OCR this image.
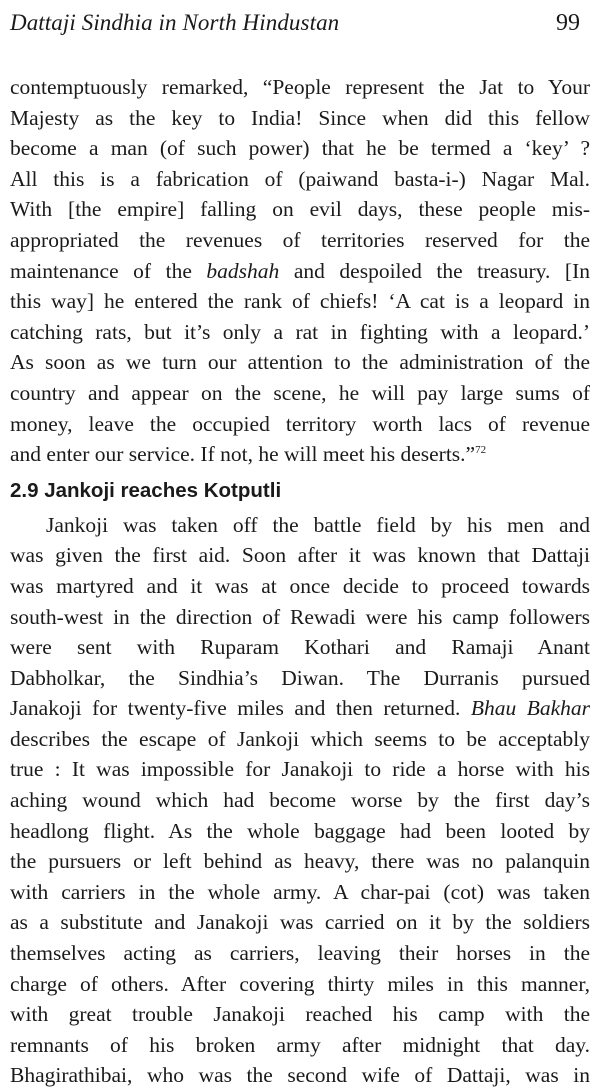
Dattaji Sindhia in North Hindustan	99

contemptuously remarked, “People represent the Jat to Your
Majesty as the key to India! Since when did this fellow
become a man (of such power) that he be termed a ‘key’ ?
All this is a fabrication of (paiwand basta-i-) Nagar Mal.
With [the empire] falling on evil days, these people mis-
appropriated the revenues of territories reserved for the
maintenance of the badshah and despoiled the treasury. [In
this way] he entered the rank of chiefs! ‘A cat is a leopard in
catching rats, but it’s only a rat in fighting with a leopard.’
As soon as we turn our attention to the administration of the
country and appear on the scene, he will pay large sums of
money, leave the occupied territory worth lacs of revenue
and enter our service. If not, he will meet his deserts.”$^{72}$

2.9 Jankoji reaches Kotputli

Jankoji was taken off the battle field by his men and
was given the first aid. Soon after it was known that Dattaji
was martyred and it was at once decide to proceed towards
south-west in the direction of Rewadi were his camp followers
were sent with Ruparam Kothari and Ramaji Anant
Dabholkar, the Sindhia’s Diwan. The Durranis pursued
Janakoji for twenty-five miles and then returned. Bhau Bakhar
describes the escape of Jankoji which seems to be acceptably
true : It was impossible for Janakoji to ride a horse with his
aching wound which had become worse by the first day’s
headlong flight. As the whole baggage had been looted by
the pursuers or left behind as heavy, there was no palanquin
with carriers in the whole army. A char-pai (cot) was taken
as a substitute and Janakoji was carried on it by the soldiers
themselves acting as carriers, leaving their horses in the
charge of others. After covering thirty miles in this manner,
with great trouble Janakoji reached his camp with the
remnants of his broken army after midnight that day.
Bhagirathibai, who was the second wife of Dattaji, was in
